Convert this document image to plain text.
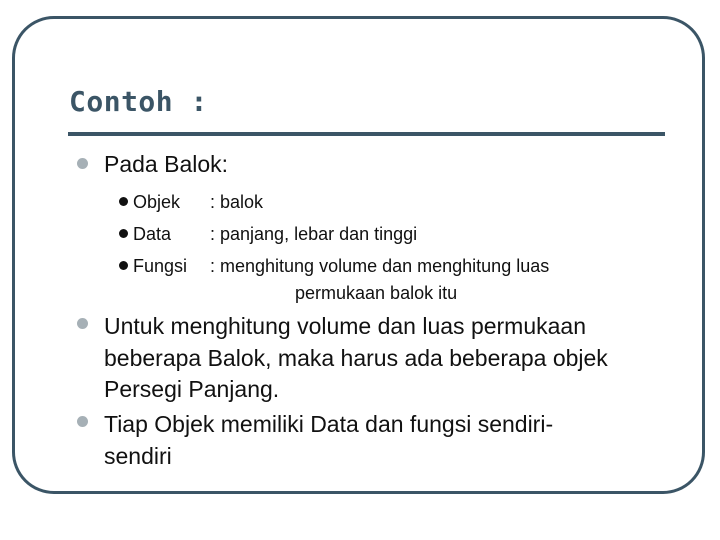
Contoh :
Pada Balok:
Objek : balok
Data : panjang, lebar dan tinggi
Fungsi : menghitung volume dan menghitung luas
permukaan balok itu
Untuk menghitung volume dan luas permukaan
beberapa Balok, maka harus ada beberapa objek
Persegi Panjang.
Tiap Objek memiliki Data dan fungsi sendiri-
sendiri
